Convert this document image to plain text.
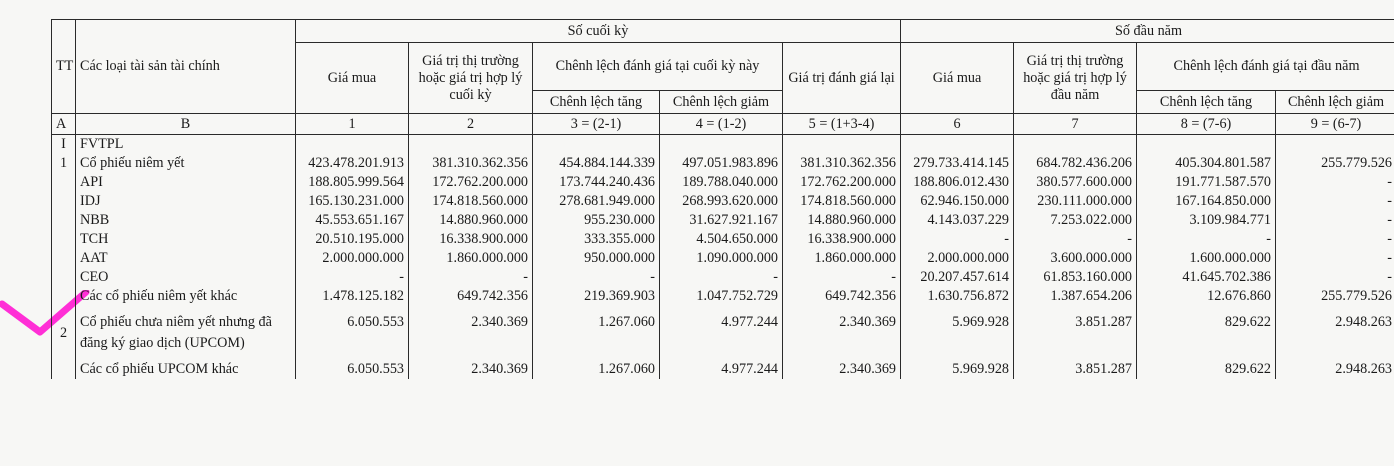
TT	Các loại tài sản tài chính	Số cuối kỳ					Số đầu năm			
		Giá mua	Giá trị thị trường hoặc giá trị hợp lý cuối kỳ	Chênh lệch đánh giá tại cuối kỳ này		Giá trị đánh giá lại	Giá mua	Giá trị thị trường hoặc giá trị hợp lý đầu năm	Chênh lệch đánh giá tại đầu năm	
				Chênh lệch tăng	Chênh lệch giảm				Chênh lệch tăng	Chênh lệch giảm
A	B	1	2	3 = (2-1)	4 = (1-2)	5 = (1+3-4)	6	7	8 = (7-6)	9 = (6-7)
I	FVTPL									
1	Cổ phiếu niêm yết	423.478.201.913	381.310.362.356	454.884.144.339	497.051.983.896	381.310.362.356	279.733.414.145	684.782.436.206	405.304.801.587	255.779.526
	API	188.805.999.564	172.762.200.000	173.744.240.436	189.788.040.000	172.762.200.000	188.806.012.430	380.577.600.000	191.771.587.570	-
	IDJ	165.130.231.000	174.818.560.000	278.681.949.000	268.993.620.000	174.818.560.000	62.946.150.000	230.111.000.000	167.164.850.000	-
	NBB	45.553.651.167	14.880.960.000	955.230.000	31.627.921.167	14.880.960.000	4.143.037.229	7.253.022.000	3.109.984.771	-
	TCH	20.510.195.000	16.338.900.000	333.355.000	4.504.650.000	16.338.900.000	-	-	-	-
	AAT	2.000.000.000	1.860.000.000	950.000.000	1.090.000.000	1.860.000.000	2.000.000.000	3.600.000.000	1.600.000.000	-
	CEO	-	-	-	-	-	20.207.457.614	61.853.160.000	41.645.702.386	-
	Các cổ phiếu niêm yết khác	1.478.125.182	649.742.356	219.369.903	1.047.752.729	649.742.356	1.630.756.872	1.387.654.206	12.676.860	255.779.526

2	Cổ phiếu chưa niêm yết nhưng đã đăng ký giao dịch (UPCOM)	6.050.553	2.340.369	1.267.060	4.977.244	2.340.369	5.969.928	3.851.287	829.622	2.948.263
	Các cổ phiếu UPCOM khác	6.050.553	2.340.369	1.267.060	4.977.244	2.340.369	5.969.928	3.851.287	829.622	2.948.263
